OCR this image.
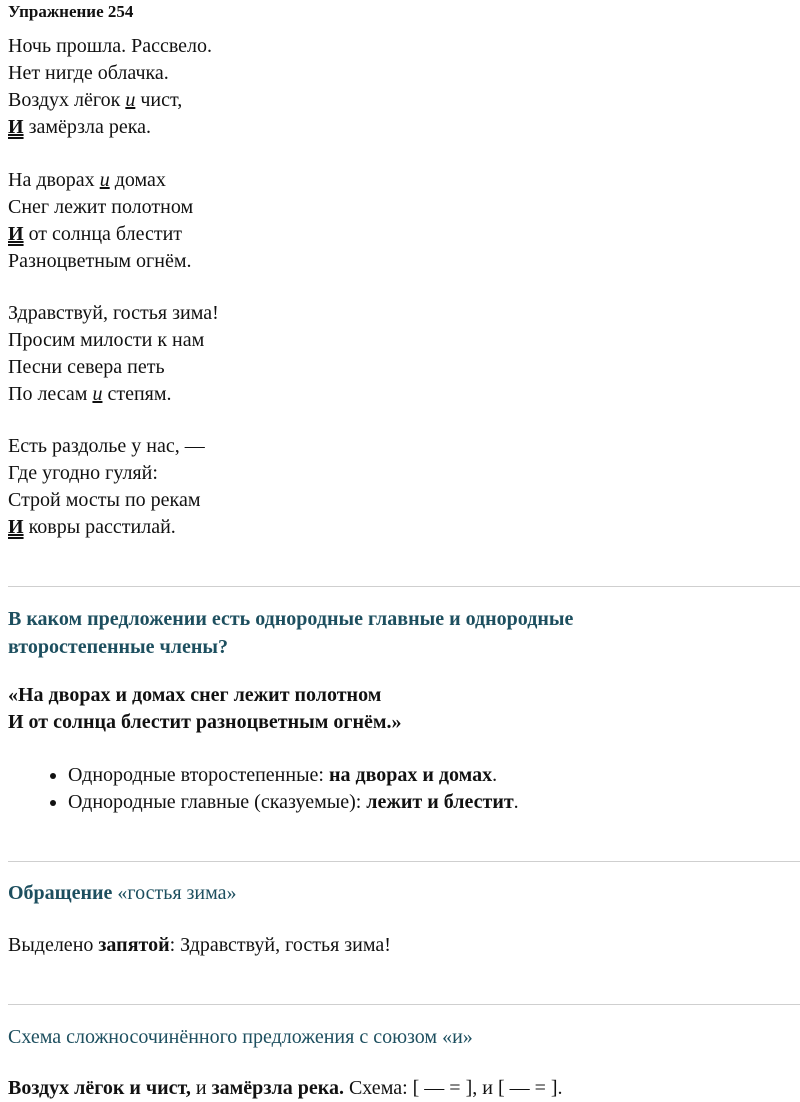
Упражнение 254
Ночь прошла. Рассвело.
Нет нигде облачка.
Воздух лёгок и чист,
И замёрзла река.
На дворах и домах
Снег лежит полотном
И от солнца блестит
Разноцветным огнём.
Здравствуй, гостья зима!
Просим милости к нам
Песни севера петь
По лесам и степям.
Есть раздолье у нас, —
Где угодно гуляй:
Строй мосты по рекам
И ковры расстилай.
В каком предложении есть однородные главные и однородные второстепенные члены?
«На дворах и домах снег лежит полотном
И от солнца блестит разноцветным огнём.»
• Однородные второстепенные: на дворах и домах.
• Однородные главные (сказуемые): лежит и блестит.
Обращение «гостья зима»
Выделено запятой: Здравствуй, гостья зима!
Схема сложносочинённого предложения с союзом «и»
Воздух лёгок и чист, и замёрзла река. Схема: [ — = ], и [ — = ].
